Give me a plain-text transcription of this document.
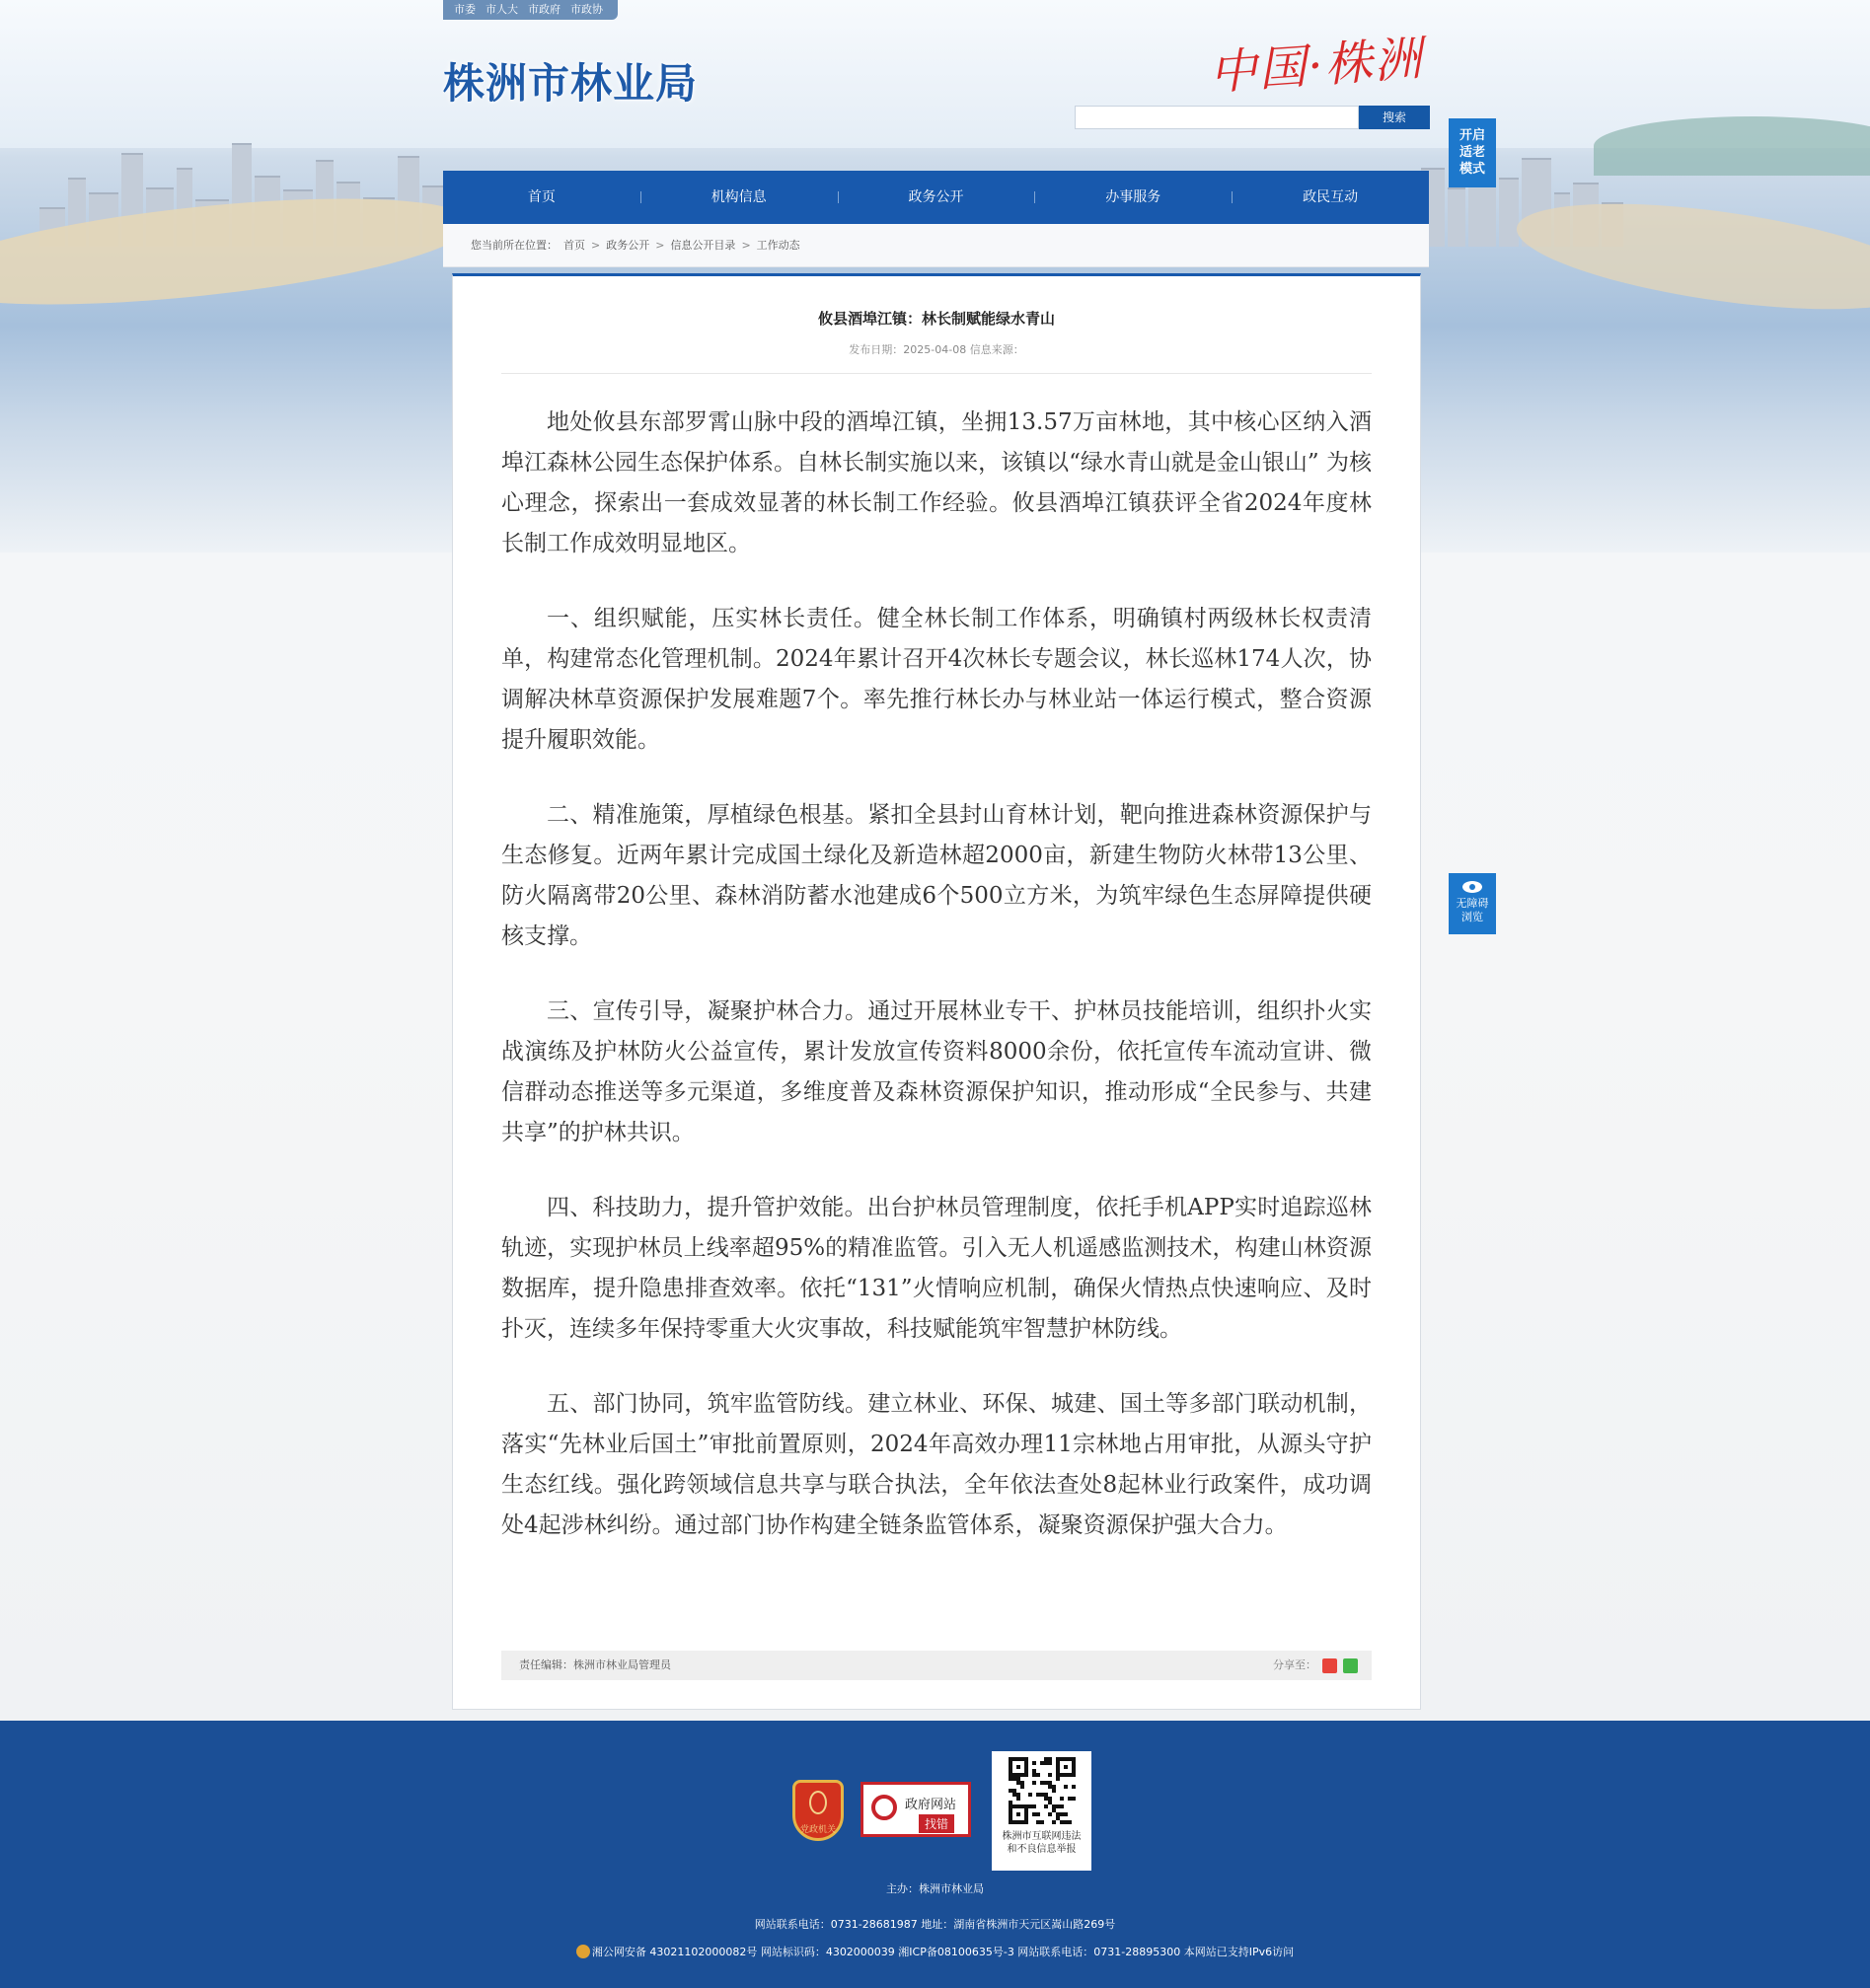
市委 市人大 市政府 市政协
株洲市林业局	中国·株洲
搜索
开启适老模式
首页	机构信息	政务公开	办事服务	政民互动
您当前所在位置： 首页 > 政务公开 > 信息公开目录 > 工作动态
攸县酒埠江镇：林长制赋能绿水青山
发布日期：2025-04-08 信息来源：

地处攸县东部罗霄山脉中段的酒埠江镇，坐拥13.57万亩林地，其中核心区纳入酒埠江森林公园生态保护体系。自林长制实施以来，该镇以“绿水青山就是金山银山” 为核心理念，探索出一套成效显著的林长制工作经验。攸县酒埠江镇获评全省2024年度林长制工作成效明显地区。

一、组织赋能，压实林长责任。健全林长制工作体系，明确镇村两级林长权责清单，构建常态化管理机制。2024年累计召开4次林长专题会议，林长巡林174人次，协调解决林草资源保护发展难题7个。率先推行林长办与林业站一体运行模式，整合资源提升履职效能。

二、精准施策，厚植绿色根基。紧扣全县封山育林计划，靶向推进森林资源保护与生态修复。近两年累计完成国土绿化及新造林超2000亩，新建生物防火林带13公里、防火隔离带20公里、森林消防蓄水池建成6个500立方米，为筑牢绿色生态屏障提供硬核支撑。

三、宣传引导，凝聚护林合力。通过开展林业专干、护林员技能培训，组织扑火实战演练及护林防火公益宣传，累计发放宣传资料8000余份，依托宣传车流动宣讲、微信群动态推送等多元渠道，多维度普及森林资源保护知识，推动形成“全民参与、共建共享”的护林共识。

四、科技助力，提升管护效能。出台护林员管理制度，依托手机APP实时追踪巡林轨迹，实现护林员上线率超95%的精准监管。引入无人机遥感监测技术，构建山林资源数据库，提升隐患排查效率。依托“131”火情响应机制，确保火情热点快速响应、及时扑灭，连续多年保持零重大火灾事故，科技赋能筑牢智慧护林防线。

五、部门协同，筑牢监管防线。建立林业、环保、城建、国土等多部门联动机制，落实“先林业后国土”审批前置原则，2024年高效办理11宗林地占用审批，从源头守护生态红线。强化跨领域信息共享与联合执法，全年依法查处8起林业行政案件，成功调处4起涉林纠纷。通过部门协作构建全链条监管体系，凝聚资源保护强大合力。

责任编辑：株洲市林业局管理员	分享至：
无障碍浏览
党政机关
政府网站
找错
株洲市互联网违法和不良信息举报
主办：株洲市林业局
网站联系电话：0731-28681987 地址：湖南省株洲市天元区嵩山路269号
湘公网安备 43021102000082号 网站标识码：4302000039 湘ICP备08100635号-3 网站联系电话：0731-28895300 本网站已支持IPv6访问
